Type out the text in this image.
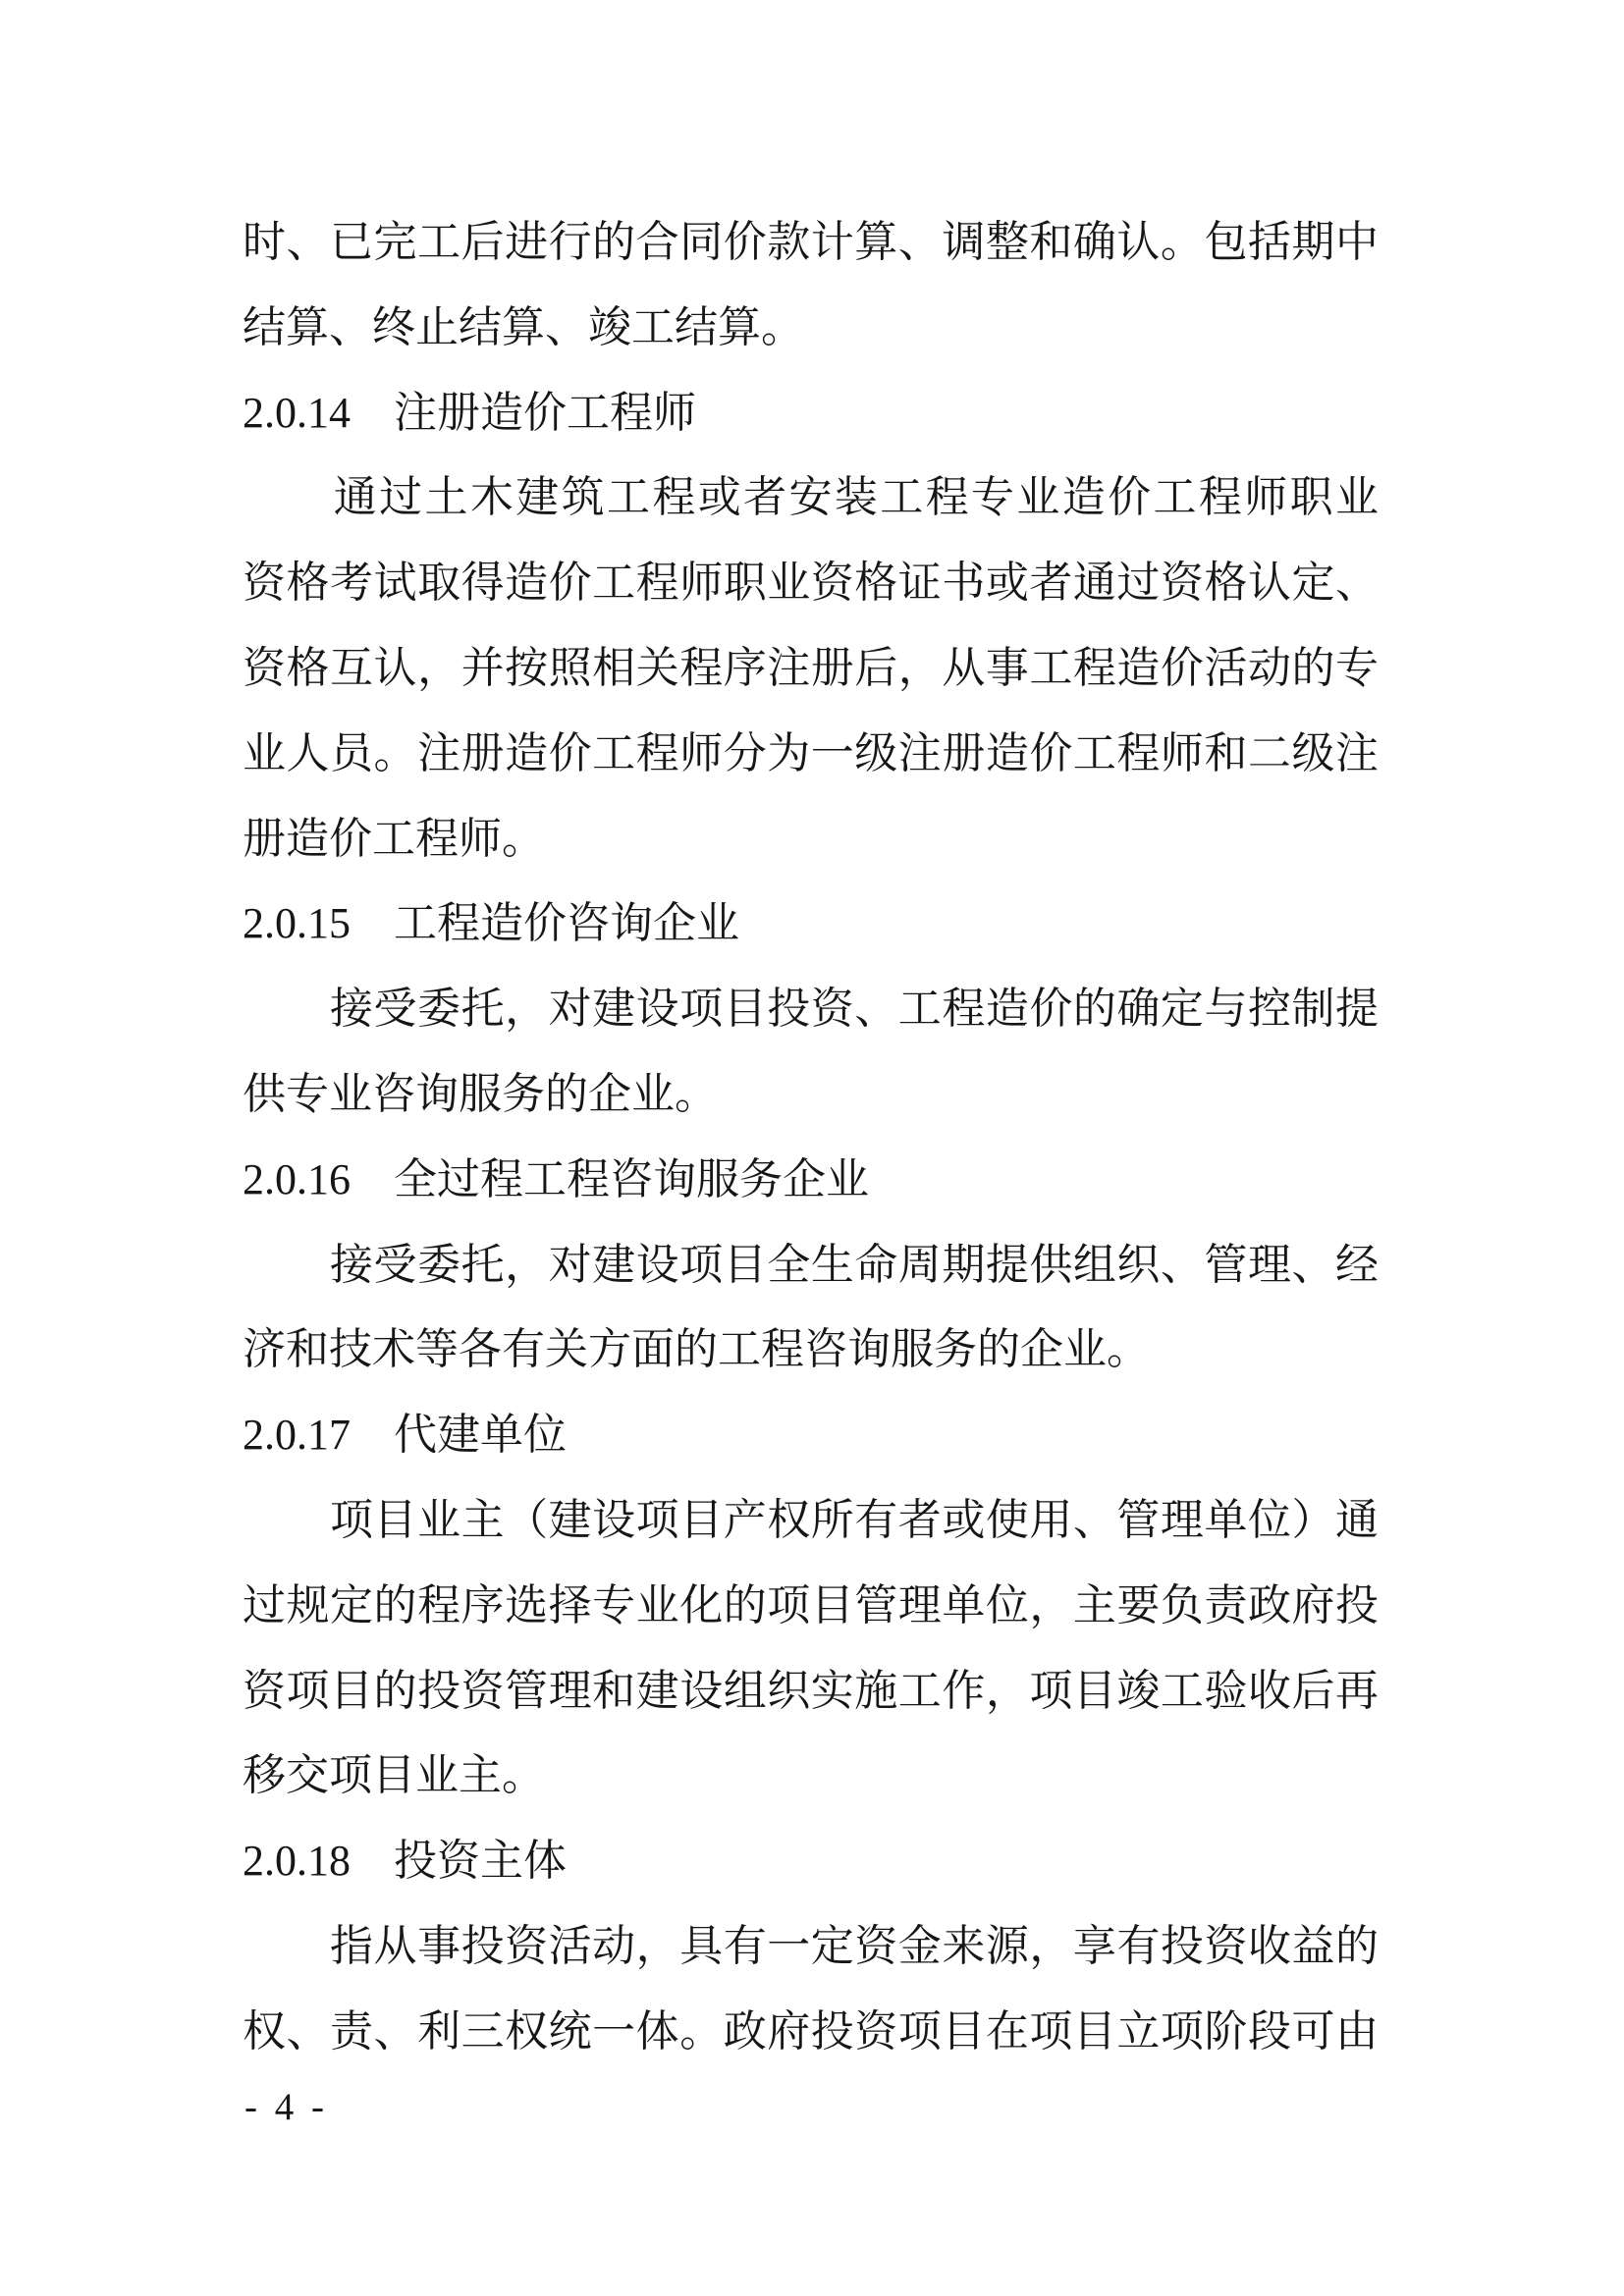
时、已完工后进行的合同价款计算、调整和确认。包括期中
结算、终止结算、竣工结算。
2.0.14　注册造价工程师
　　通过土木建筑工程或者安装工程专业造价工程师职业
资格考试取得造价工程师职业资格证书或者通过资格认定、
资格互认，并按照相关程序注册后，从事工程造价活动的专
业人员。注册造价工程师分为一级注册造价工程师和二级注
册造价工程师。
2.0.15　工程造价咨询企业
　　接受委托，对建设项目投资、工程造价的确定与控制提
供专业咨询服务的企业。
2.0.16　全过程工程咨询服务企业
　　接受委托，对建设项目全生命周期提供组织、管理、经
济和技术等各有关方面的工程咨询服务的企业。
2.0.17　代建单位
　　项目业主（建设项目产权所有者或使用、管理单位）通
过规定的程序选择专业化的项目管理单位，主要负责政府投
资项目的投资管理和建设组织实施工作，项目竣工验收后再
移交项目业主。
2.0.18　投资主体
　　指从事投资活动，具有一定资金来源，享有投资收益的
权、责、利三权统一体。政府投资项目在项目立项阶段可由
- 4 -
